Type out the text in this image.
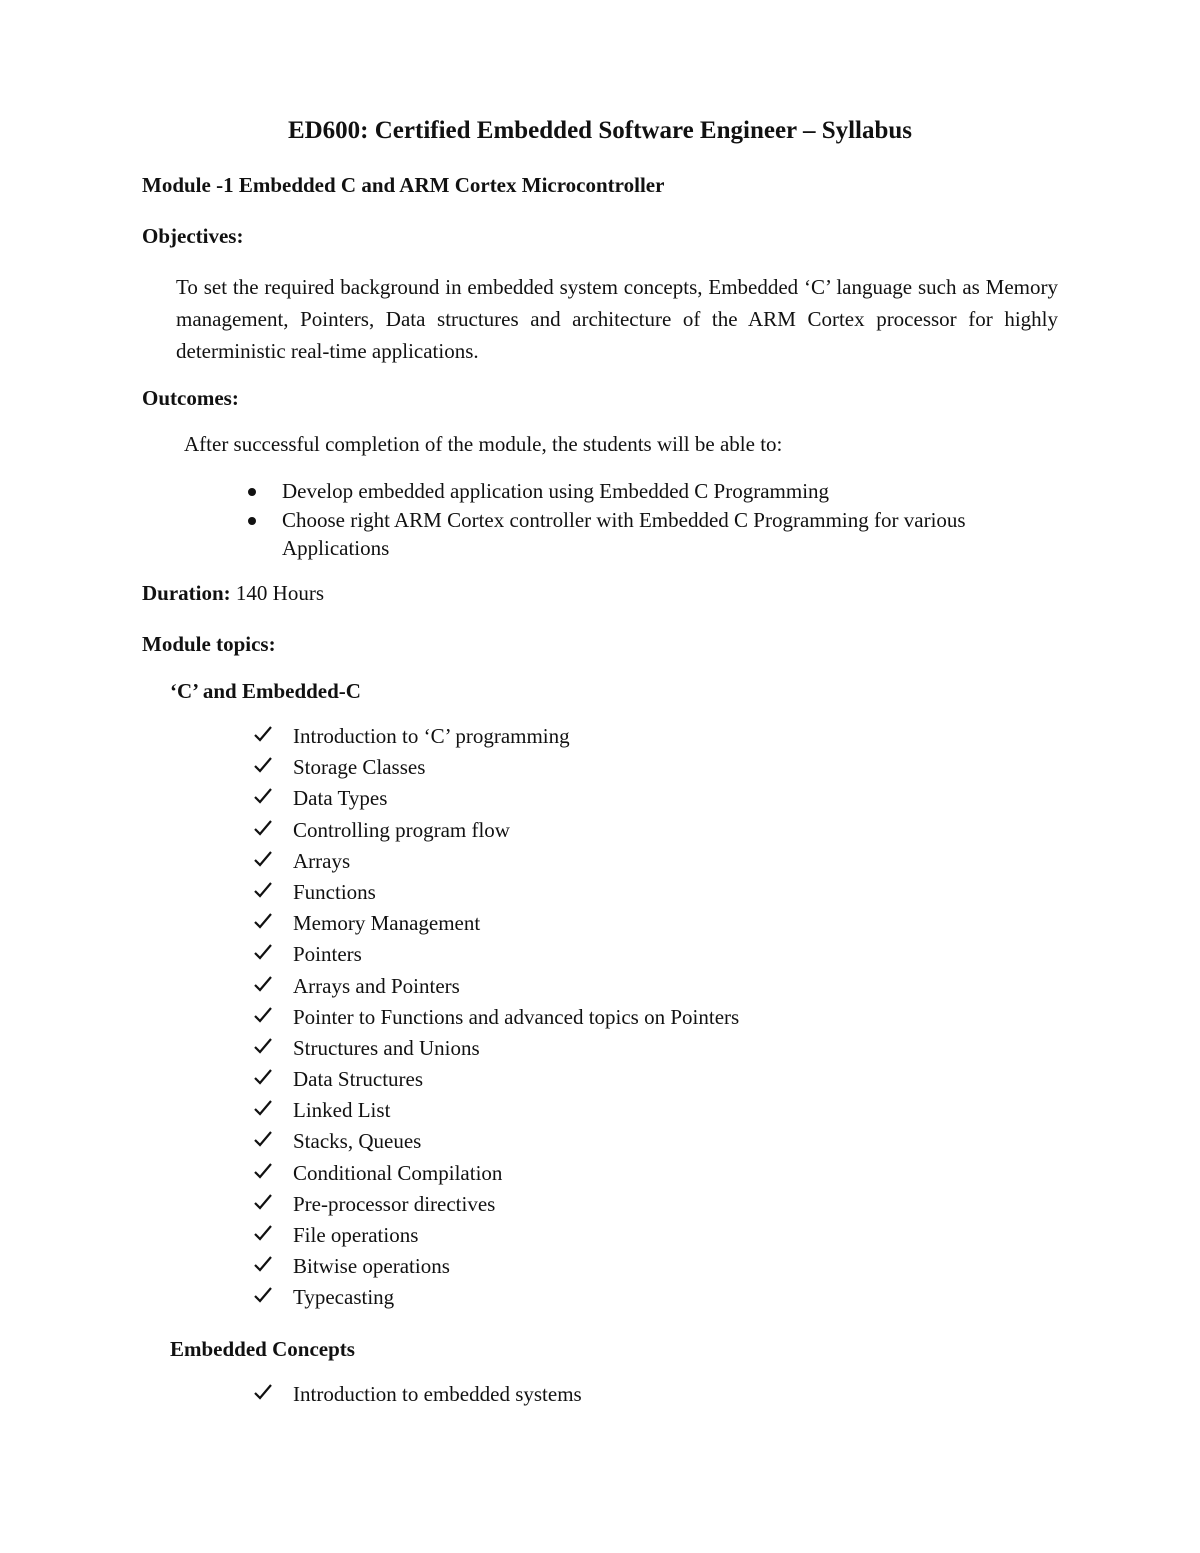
ED600: Certified Embedded Software Engineer – Syllabus
Module -1 Embedded C and ARM Cortex Microcontroller
Objectives:
To set the required background in embedded system concepts, Embedded ‘C’ language such as Memory management, Pointers, Data structures and architecture of the ARM Cortex processor for highly deterministic real-time applications.
Outcomes:
After successful completion of the module, the students will be able to:
Develop embedded application using Embedded C Programming
Choose right ARM Cortex controller with Embedded C Programming for various Applications
Duration: 140 Hours
Module topics:
‘C’ and Embedded-C
Introduction to ‘C’ programming
Storage Classes
Data Types
Controlling program flow
Arrays
Functions
Memory Management
Pointers
Arrays and Pointers
Pointer to Functions and advanced topics on Pointers
Structures and Unions
Data Structures
Linked List
Stacks, Queues
Conditional Compilation
Pre-processor directives
File operations
Bitwise operations
Typecasting
Embedded Concepts
Introduction to embedded systems
